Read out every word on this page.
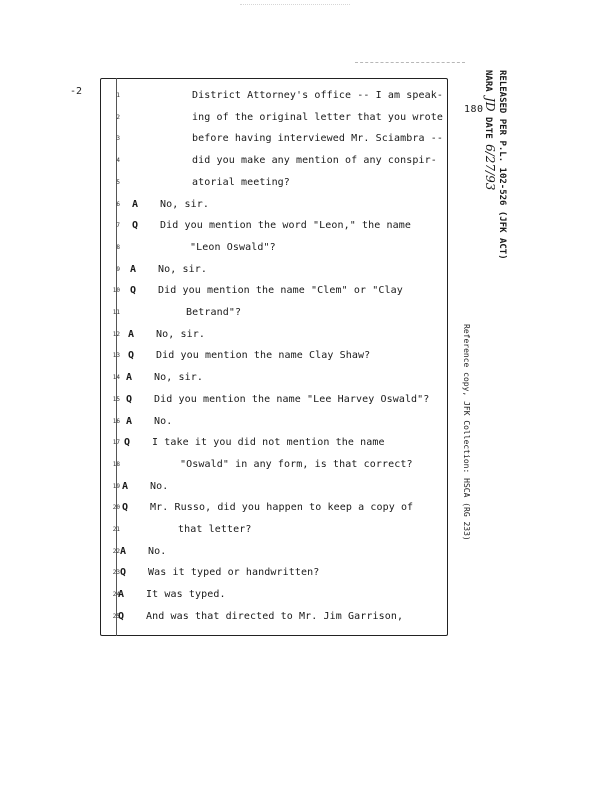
-2
180 RELEASED PER P.L. 102-526 (JFK ACT)
NARA JD DATE 6/27/93
Reference copy, JFK Collection: HSCA (RG 233)
1	District Attorney's office -- I am speak-
2	ing of the original letter that you wrote
3	before having interviewed Mr. Sciambra --
4	did you make any mention of any conspir-
5	atorial meeting?
6 A No, sir.
7 Q Did you mention the word "Leon," the name
8	"Leon Oswald"?
9 A No, sir.
10 Q Did you mention the name "Clem" or "Clay
11	Betrand"?
12 A No, sir.
13 Q Did you mention the name Clay Shaw?
14 A No, sir.
15 Q Did you mention the name "Lee Harvey Oswald"?
16 A No.
17 Q I take it you did not mention the name
18	"Oswald" in any form, is that correct?
19 A No.
20 Q Mr. Russo, did you happen to keep a copy of
21	that letter?
22 A No.
23 Q Was it typed or handwritten?
24
A It was typed.
25
Q And was that directed to Mr. Jim Garrison,
